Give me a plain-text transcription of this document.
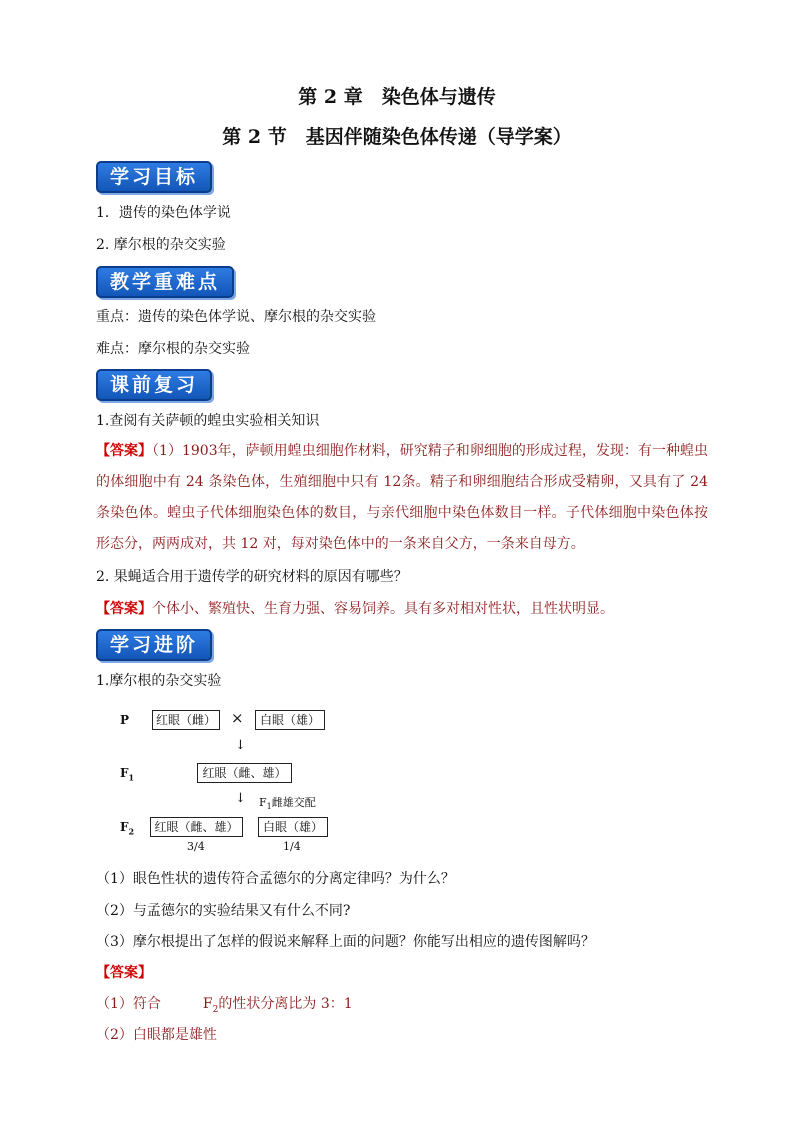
第 2 章　染色体与遗传
第 2 节　基因伴随染色体传递（导学案）
学习目标
1．遗传的染色体学说
2. 摩尔根的杂交实验
教学重难点
重点：遗传的染色体学说、摩尔根的杂交实验
难点：摩尔根的杂交实验
课前复习
1.查阅有关萨顿的蝗虫实验相关知识
【答案】（1）1903年，萨顿用蝗虫细胞作材料，研究精子和卵细胞的形成过程，发现：有一种蝗虫的体细胞中有 24 条染色体，生殖细胞中只有 12条。精子和卵细胞结合形成受精卵，又具有了 24 条染色体。蝗虫子代体细胞染色体的数目，与亲代细胞中染色体数目一样。子代体细胞中染色体按形态分，两两成对，共 12 对，每对染色体中的一条来自父方，一条来自母方。
2. 果蝇适合用于遗传学的研究材料的原因有哪些？
【答案】个体小、繁殖快、生育力强、容易饲养。具有多对相对性状，且性状明显。
学习进阶
1.摩尔根的杂交实验
P	红眼（雌） ×	白眼（雄）
↓
$F_1$	红眼（雌、雄）
↓ $F_1$雌雄交配
$F_2$	红眼（雌、雄）	白眼（雄）
3/4	1/4
（1）眼色性状的遗传符合孟德尔的分离定律吗？为什么？
（2）与孟德尔的实验结果又有什么不同?
（3）摩尔根提出了怎样的假说来解释上面的问题？你能写出相应的遗传图解吗？
【答案】
（1）符合	$F_2$的性状分离比为 3：1
（2）白眼都是雄性
